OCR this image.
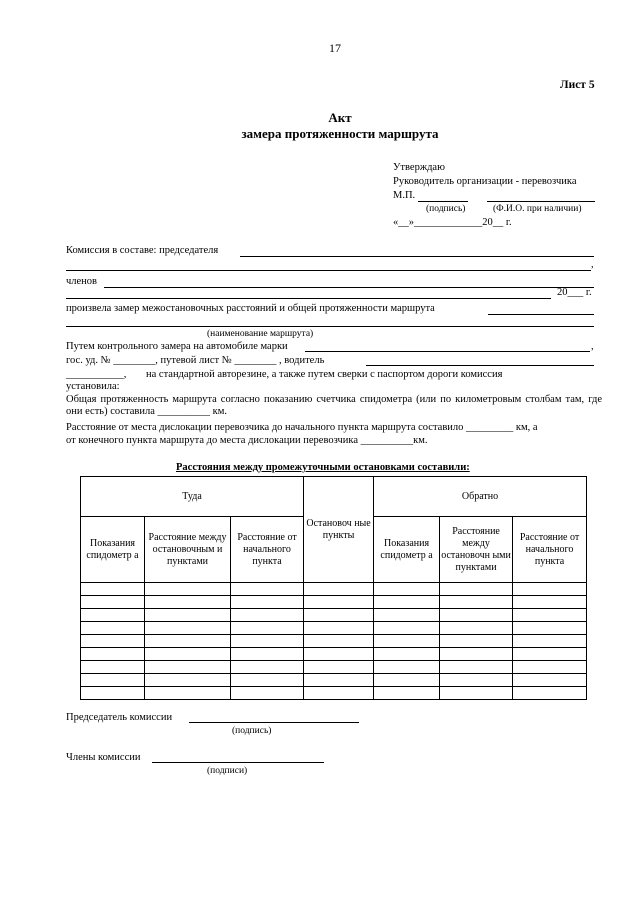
17
Лист 5
Акт
замера протяженности маршрута
Утверждаю
Руководитель организации - перевозчика
М.П.
(подпись)	(Ф.И.О. при наличии)
«__»_____________20__ г.
Комиссия в составе: председателя
,
членов
20___ г.
произвела замер межостановочных расстояний и общей протяженности маршрута
(наименование маршрута)
Путем контрольного замера на автомобиле марки	,
гос. уд. № ________, путевой лист № ________ , водитель
___________, на стандартной авторезине, а также путем сверки с паспортом дороги комиссия
установила:
Общая протяженность маршрута согласно показанию счетчика спидометра (или по километровым столбам там, где они есть) составила __________ км.
Расстояние от места дислокации перевозчика до начального пункта маршрута составило _________ км, а
от конечного пункта маршрута до места дислокации перевозчика __________км.
Расстояния между промежуточными остановками составили:
Туда			Остановоч ные пункты	Обратно		
Показания спидометр а	Расстояние между остановочным и пунктами	Расстояние от начального пункта		Показания спидометр а	Расстояние между остановочн ыми пунктами	Расстояние от начального пункта

Председатель комиссии
(подпись)
Члены комиссии
(подписи)
